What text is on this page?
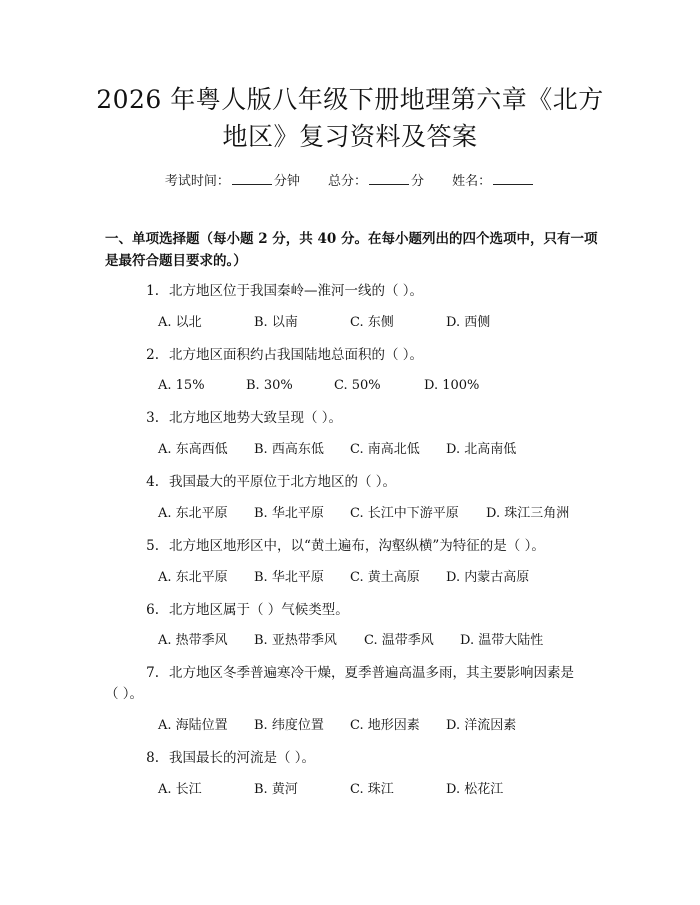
2026 年粤人版八年级下册地理第六章《北方
地区》复习资料及答案
考试时间：	分钟 总分：	分 姓名：
一、单项选择题（每小题 2 分，共 40 分。在每小题列出的四个选项中，只有一项
是最符合题目要求的。）
1. 北方地区位于我国秦岭—淮河一线的（ ）。
A. 以北	B. 以南	C. 东侧	D. 西侧
2. 北方地区面积约占我国陆地总面积的（ ）。
A. 15%	B. 30%	C. 50%	D. 100%
3. 北方地区地势大致呈现（ ）。
A. 东高西低 B. 西高东低 C. 南高北低 D. 北高南低
4. 我国最大的平原位于北方地区的（ ）。
A. 东北平原 B. 华北平原 C. 长江中下游平原 D. 珠江三角洲
5. 北方地区地形区中，以“黄土遍布，沟壑纵横”为特征的是（ ）。
A. 东北平原 B. 华北平原 C. 黄土高原 D. 内蒙古高原
6. 北方地区属于（ ）气候类型。
A. 热带季风 B. 亚热带季风 C. 温带季风 D. 温带大陆性
7. 北方地区冬季普遍寒冷干燥，夏季普遍高温多雨，其主要影响因素是
（ ）。
A. 海陆位置 B. 纬度位置 C. 地形因素 D. 洋流因素
8. 我国最长的河流是（ ）。
A. 长江	B. 黄河	C. 珠江	D. 松花江
